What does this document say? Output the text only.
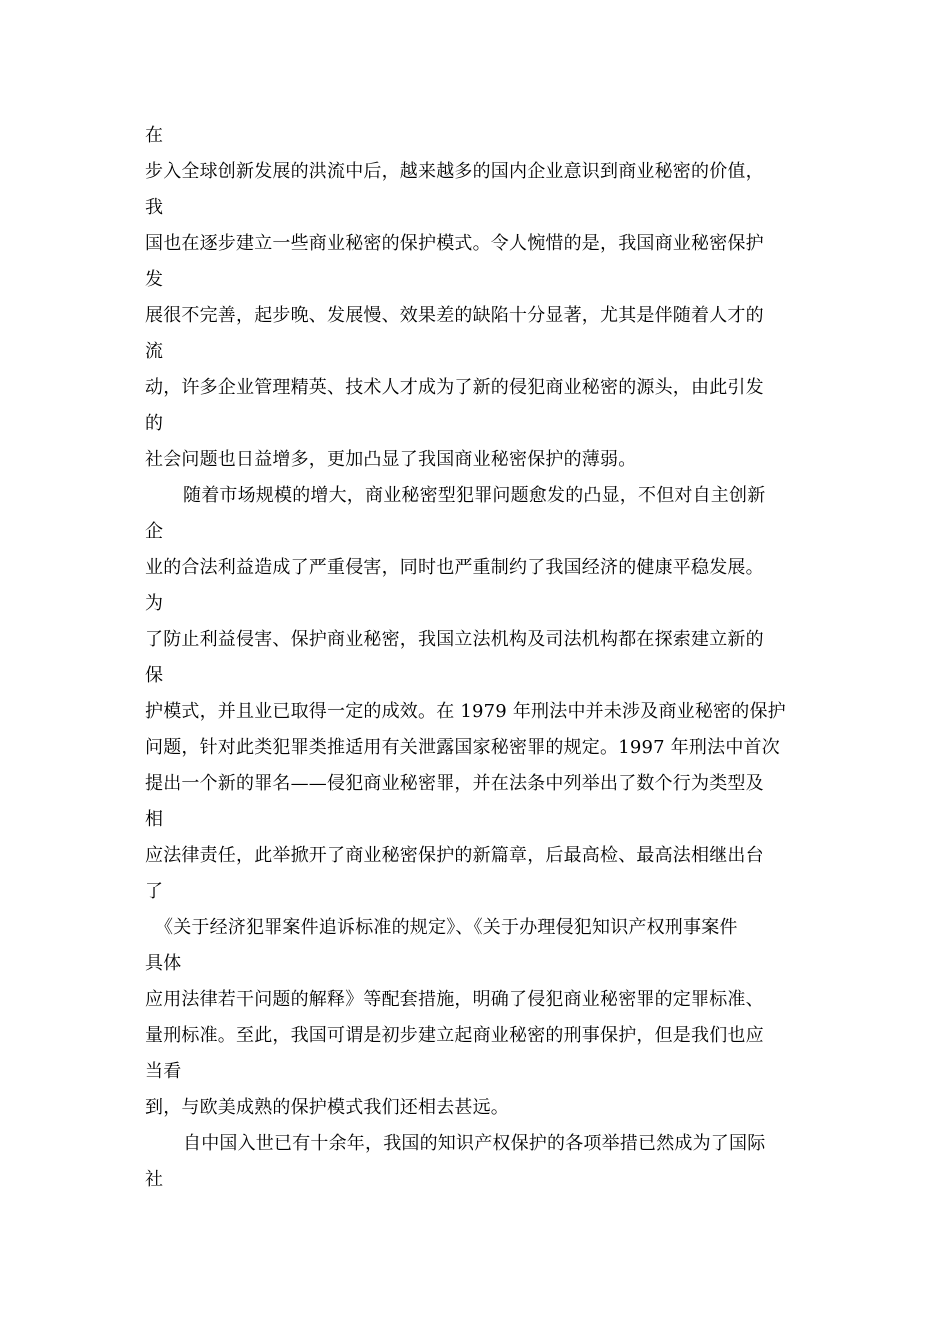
在
步入全球创新发展的洪流中后，越来越多的国内企业意识到商业秘密的价值，
我
国也在逐步建立一些商业秘密的保护模式。令人惋惜的是，我国商业秘密保护
发
展很不完善，起步晚、发展慢、效果差的缺陷十分显著，尤其是伴随着人才的
流
动，许多企业管理精英、技术人才成为了新的侵犯商业秘密的源头，由此引发
的
社会问题也日益增多，更加凸显了我国商业秘密保护的薄弱。
随着市场规模的增大，商业秘密型犯罪问题愈发的凸显，不但对自主创新
企
业的合法利益造成了严重侵害，同时也严重制约了我国经济的健康平稳发展。
为
了防止利益侵害、保护商业秘密，我国立法机构及司法机构都在探索建立新的
保
护模式，并且业已取得一定的成效。在 1979 年刑法中并未涉及商业秘密的保护
问题，针对此类犯罪类推适用有关泄露国家秘密罪的规定。1997 年刑法中首次
提出一个新的罪名——侵犯商业秘密罪，并在法条中列举出了数个行为类型及
相
应法律责任，此举掀开了商业秘密保护的新篇章，后最高检、最高法相继出台
了
《关于经济犯罪案件追诉标准的规定》、《关于办理侵犯知识产权刑事案件
具体
应用法律若干问题的解释》等配套措施，明确了侵犯商业秘密罪的定罪标准、
量刑标准。至此，我国可谓是初步建立起商业秘密的刑事保护，但是我们也应
当看
到，与欧美成熟的保护模式我们还相去甚远。
自中国入世已有十余年，我国的知识产权保护的各项举措已然成为了国际
社
